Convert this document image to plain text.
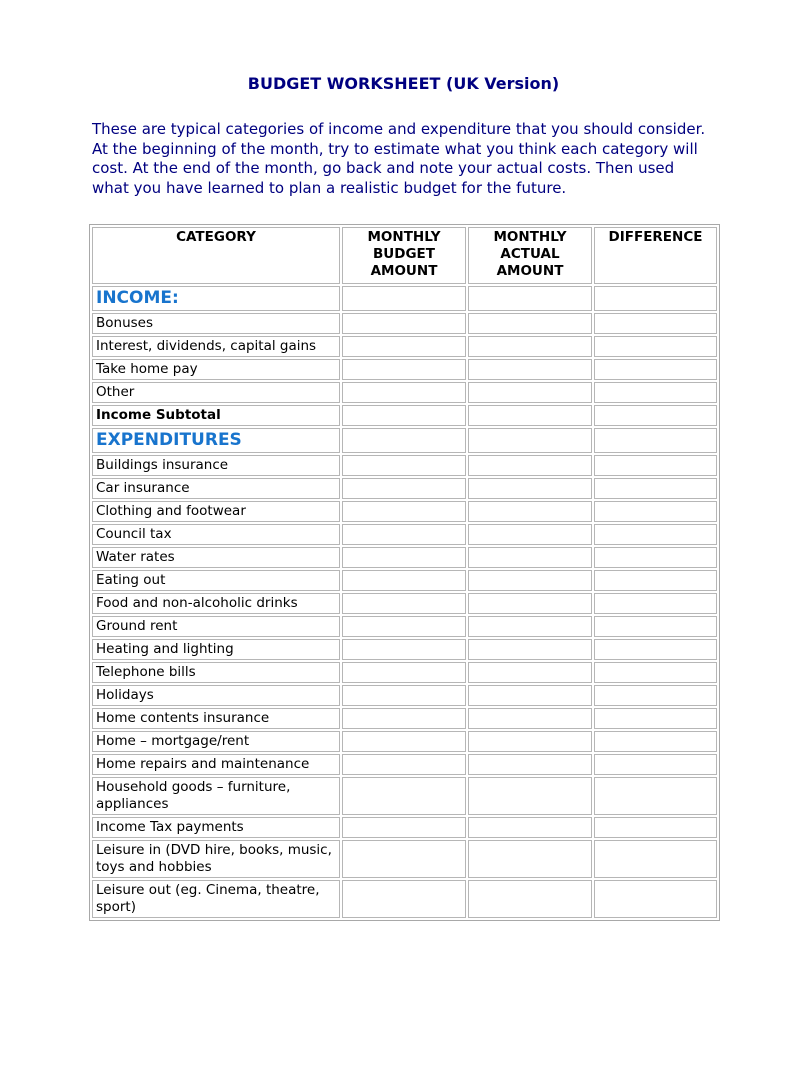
BUDGET WORKSHEET (UK Version)

These are typical categories of income and expenditure that you should consider. At the beginning of the month, try to estimate what you think each category will cost. At the end of the month, go back and note your actual costs. Then used what you have learned to plan a realistic budget for the future.

CATEGORY	MONTHLY BUDGET AMOUNT	MONTHLY ACTUAL AMOUNT	DIFFERENCE
INCOME:			
Bonuses			
Interest, dividends, capital gains			
Take home pay			
Other			
Income Subtotal			
EXPENDITURES			
Buildings insurance			
Car insurance			
Clothing and footwear			
Council tax			
Water rates			
Eating out			
Food and non-alcoholic drinks			
Ground rent			
Heating and lighting			
Telephone bills			
Holidays			
Home contents insurance			
Home – mortgage/rent			
Home repairs and maintenance			
Household goods – furniture, appliances			
Income Tax payments			
Leisure in (DVD hire, books, music, toys and hobbies			
Leisure out (eg. Cinema, theatre, sport)			
